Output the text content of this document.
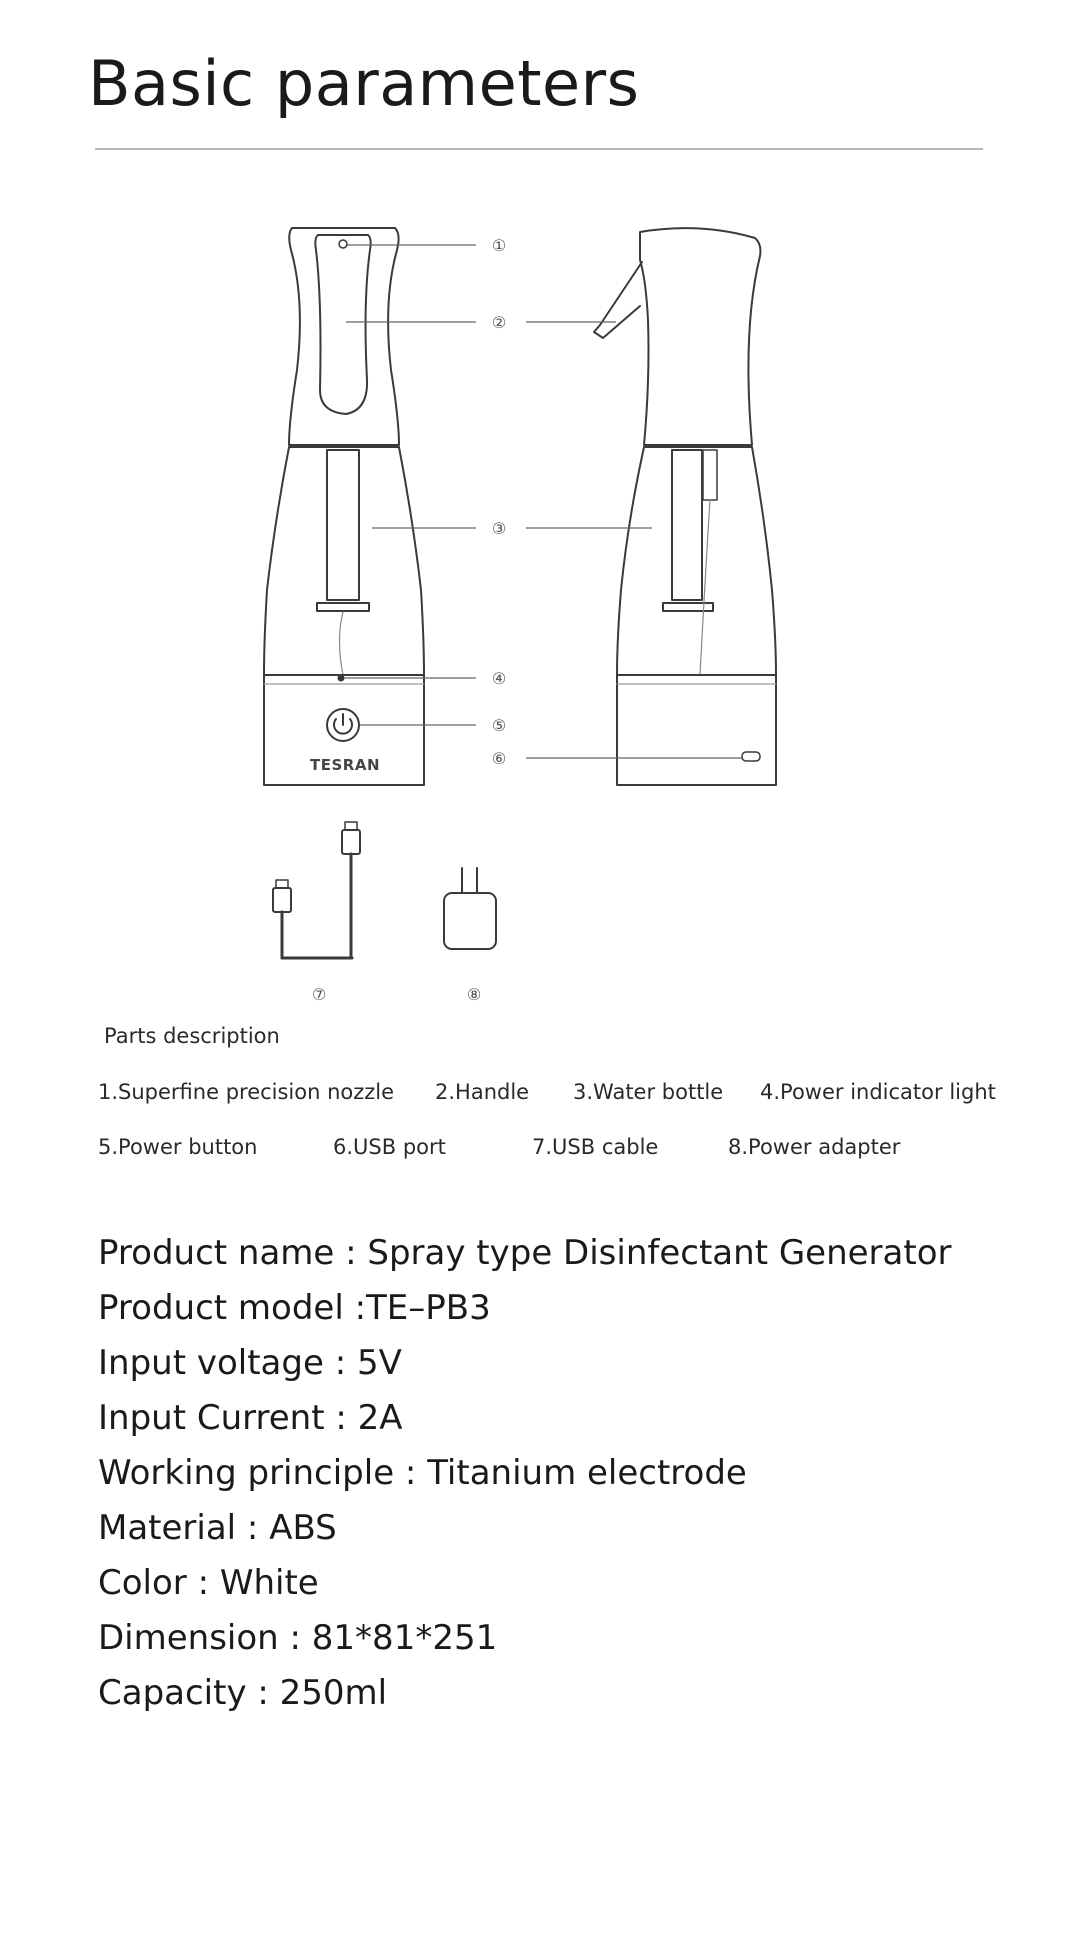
Basic parameters
①
②
③
④
⑤
⑥
⑦	⑧
TESRAN
Parts description
1.Superfine precision nozzle 2.Handle 3.Water bottle 4.Power indicator light
5.Power button	6.USB port	7.USB cable	8.Power adapter
Product name : Spray type Disinfectant Generator
Product model :TE–PB3
Input voltage : 5V
Input Current : 2A
Working principle : Titanium electrode
Material : ABS
Color : White
Dimension : 81*81*251
Capacity : 250ml
